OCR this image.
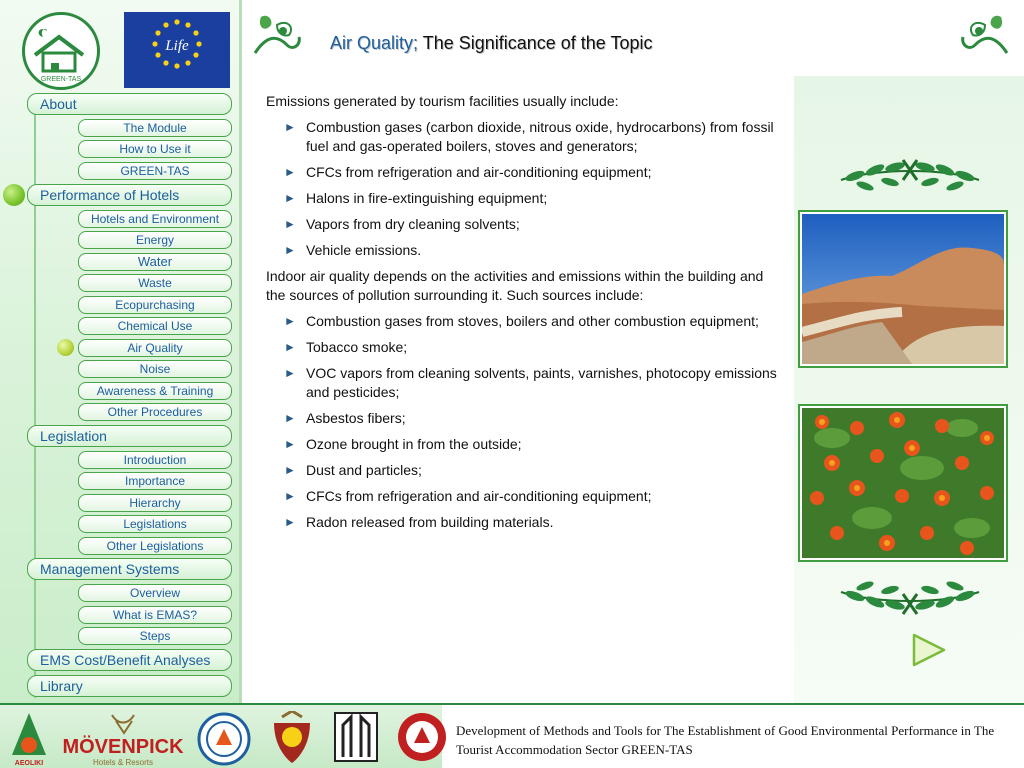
GREEN-TAS
Life
About
The Module
How to Use it
GREEN-TAS
Performance of Hotels
Hotels and Environment
Energy
Water
Waste
Ecopurchasing
Chemical Use
Air Quality
Noise
Awareness & Training
Other Procedures
Legislation
Introduction
Importance
Hierarchy
Legislations
Other Legislations
Management Systems
Overview
What is EMAS?
Steps
EMS Cost/Benefit Analyses
Library
Air Quality; The Significance of the Topic
Emissions generated by tourism facilities usually include:
► Combustion gases (carbon dioxide, nitrous oxide, hydrocarbons) from fossil fuel and gas-operated boilers, stoves and generators;
► CFCs from refrigeration and air-conditioning equipment;
► Halons in fire-extinguishing equipment;
► Vapors from dry cleaning solvents;
► Vehicle emissions.
Indoor air quality depends on the activities and emissions within the building and the sources of pollution surrounding it. Such sources include:
► Combustion gases from stoves, boilers and other combustion equipment;
► Tobacco smoke;
► VOC vapors from cleaning solvents, paints, varnishes, photocopy emissions and pesticides;
► Asbestos fibers;
► Ozone brought in from the outside;
► Dust and particles;
► CFCs from refrigeration and air-conditioning equipment;
► Radon released from building materials.
AEOLIKI
MÖVENPICK
Hotels & Resorts
Development of Methods and Tools for The Establishment of Good Environmental Performance in The Tourist Accommodation Sector GREEN-TAS
